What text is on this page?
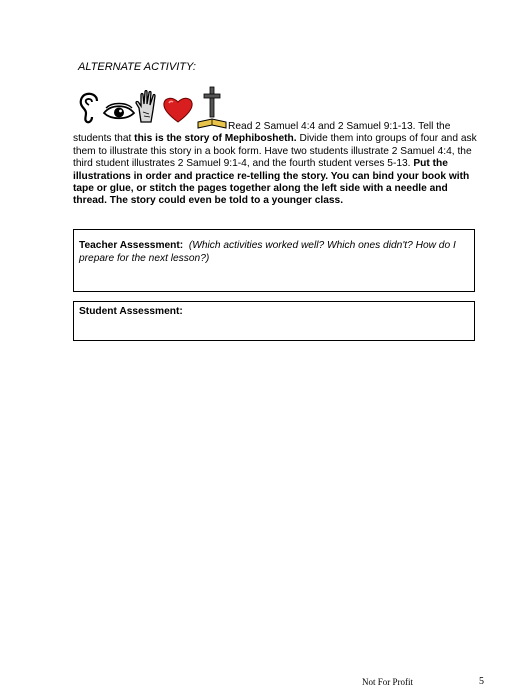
ALTERNATE ACTIVITY:
Read 2 Samuel 4:4 and 2 Samuel 9:1-13. Tell the students that this is the story of Mephibosheth. Divide them into groups of four and ask them to illustrate this story in a book form. Have two students illustrate 2 Samuel 4:4, the third student illustrates 2 Samuel 9:1-4, and the fourth student verses 5-13. Put the illustrations in order and practice re-telling the story. You can bind your book with tape or glue, or stitch the pages together along the left side with a needle and thread. The story could even be told to a younger class.
Teacher Assessment: (Which activities worked well? Which ones didn't? How do I prepare for the next lesson?)
Student Assessment:
Not For Profit	5
